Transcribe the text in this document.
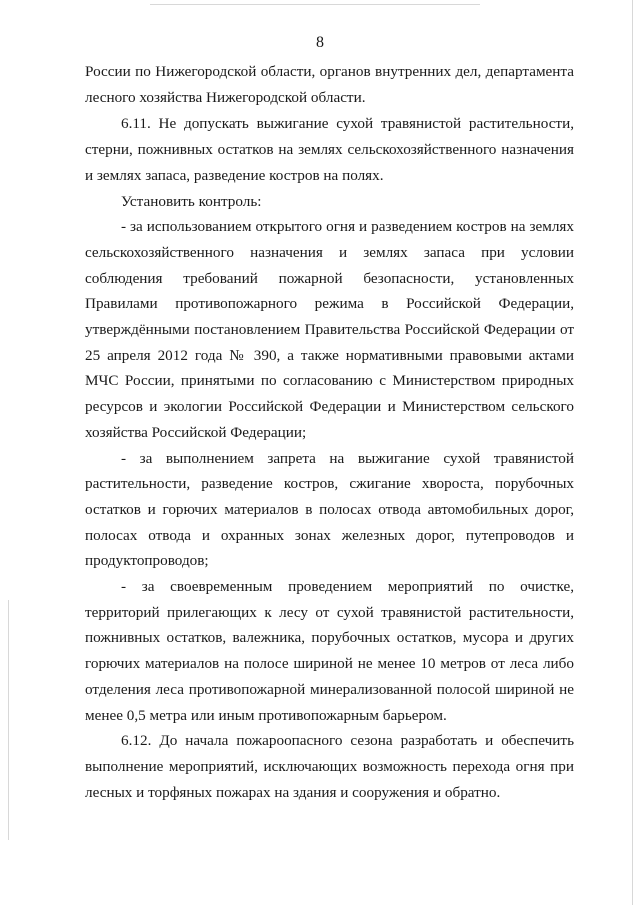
8

России по Нижегородской области, органов внутренних дел, департамента лесного хозяйства Нижегородской области.

6.11. Не допускать выжигание сухой травянистой растительности, стерни, пожнивных остатков на землях сельскохозяйственного назначения и землях запаса, разведение костров на полях.

Установить контроль:

- за использованием открытого огня и разведением костров на землях сельскохозяйственного назначения и землях запаса при условии соблюдения требований пожарной безопасности, установленных Правилами противопожарного режима в Российской Федерации, утверждёнными постановлением Правительства Российской Федерации от 25 апреля 2012 года № 390, а также нормативными правовыми актами МЧС России, принятыми по согласованию с Министерством природных ресурсов и экологии Российской Федерации и Министерством сельского хозяйства Российской Федерации;

- за выполнением запрета на выжигание сухой травянистой растительности, разведение костров, сжигание хвороста, порубочных остатков и горючих материалов в полосах отвода автомобильных дорог, полосах отвода и охранных зонах железных дорог, путепроводов и продуктопроводов;

- за своевременным проведением мероприятий по очистке, территорий прилегающих к лесу от сухой травянистой растительности, пожнивных остатков, валежника, порубочных остатков, мусора и других горючих материалов на полосе шириной не менее 10 метров от леса либо отделения леса противопожарной минерализованной полосой шириной не менее 0,5 метра или иным противопожарным барьером.

6.12. До начала пожароопасного сезона разработать и обеспечить выполнение мероприятий, исключающих возможность перехода огня при лесных и торфяных пожарах на здания и сооружения и обратно.
